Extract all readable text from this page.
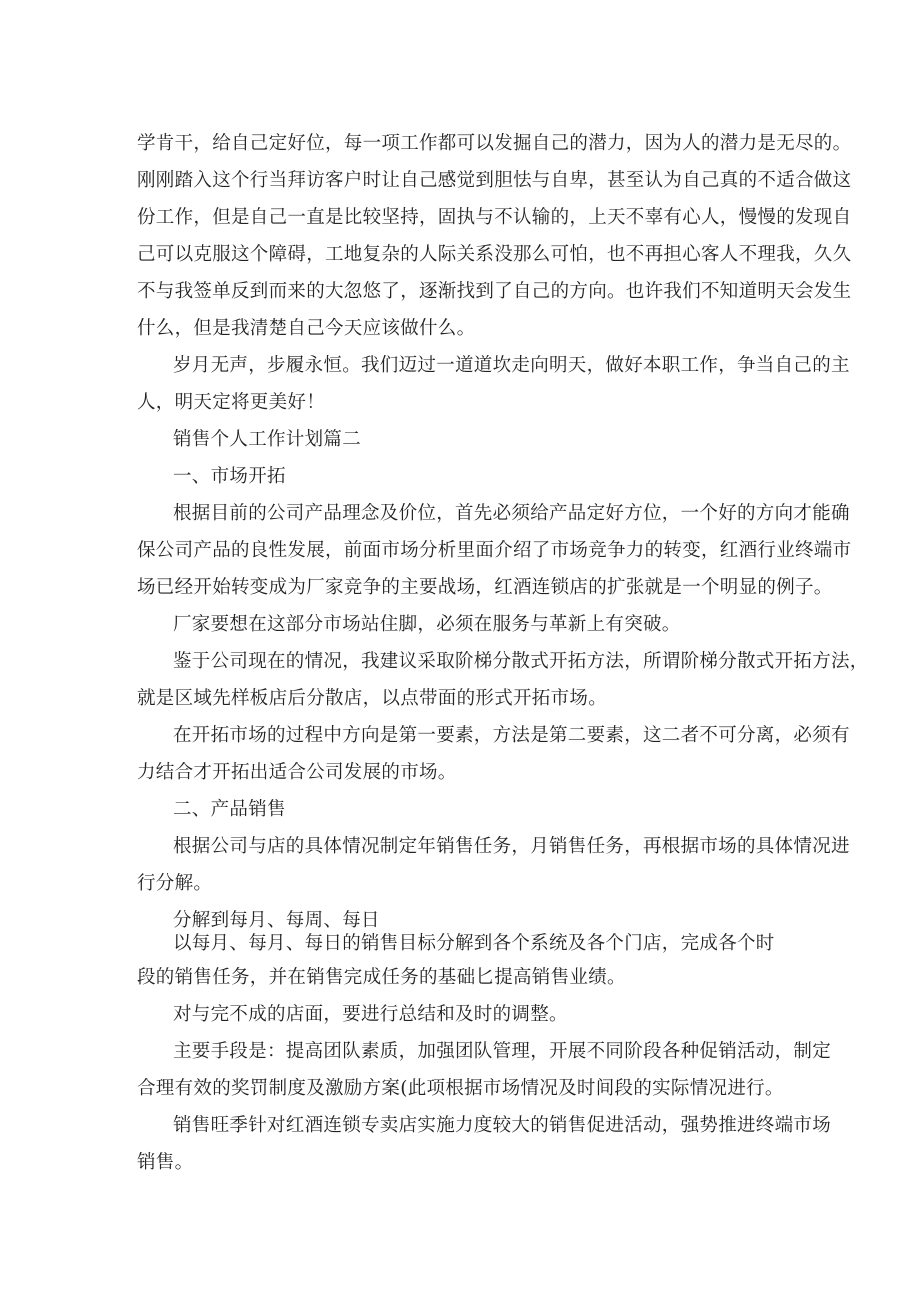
学肯干，给自己定好位，每一项工作都可以发掘自己的潜力，因为人的潜力是无尽的。
刚刚踏入这个行当拜访客户时让自己感觉到胆怯与自卑，甚至认为自己真的不适合做这
份工作，但是自己一直是比较坚持，固执与不认输的，上天不辜有心人，慢慢的发现自
己可以克服这个障碍，工地复杂的人际关系没那么可怕，也不再担心客人不理我，久久
不与我签单反到而来的大忽悠了，逐渐找到了自己的方向。也许我们不知道明天会发生
什么，但是我清楚自己今天应该做什么。
岁月无声，步履永恒。我们迈过一道道坎走向明天，做好本职工作，争当自己的主
人，明天定将更美好！
销售个人工作计划篇二
一、市场开拓
根据目前的公司产品理念及价位，首先必须给产品定好方位，一个好的方向才能确
保公司产品的良性发展，前面市场分析里面介绍了市场竞争力的转变，红酒行业终端市
场已经开始转变成为厂家竞争的主要战场，红酒连锁店的扩张就是一个明显的例子。
厂家要想在这部分市场站住脚，必须在服务与革新上有突破。
鉴于公司现在的情况，我建议采取阶梯分散式开拓方法，所谓阶梯分散式开拓方法，
就是区域先样板店后分散店，以点带面的形式开拓市场。
在开拓市场的过程中方向是第一要素，方法是第二要素，这二者不可分离，必须有
力结合才开拓出适合公司发展的市场。
二、产品销售
根据公司与店的具体情况制定年销售任务，月销售任务，再根据市场的具体情况进
行分解。
分解到每月、每周、每日
以每月、每月、每日的销售目标分解到各个系统及各个门店，完成各个时
段的销售任务，并在销售完成任务的基础匕提高销售业绩。
对与完不成的店面，要进行总结和及时的调整。
主要手段是：提高团队素质，加强团队管理，开展不同阶段各种促销活动，制定
合理有效的奖罚制度及激励方案(此项根据市场情况及时间段的实际情况进行。
销售旺季针对红酒连锁专卖店实施力度较大的销售促进活动，强势推进终端市场
销售。
